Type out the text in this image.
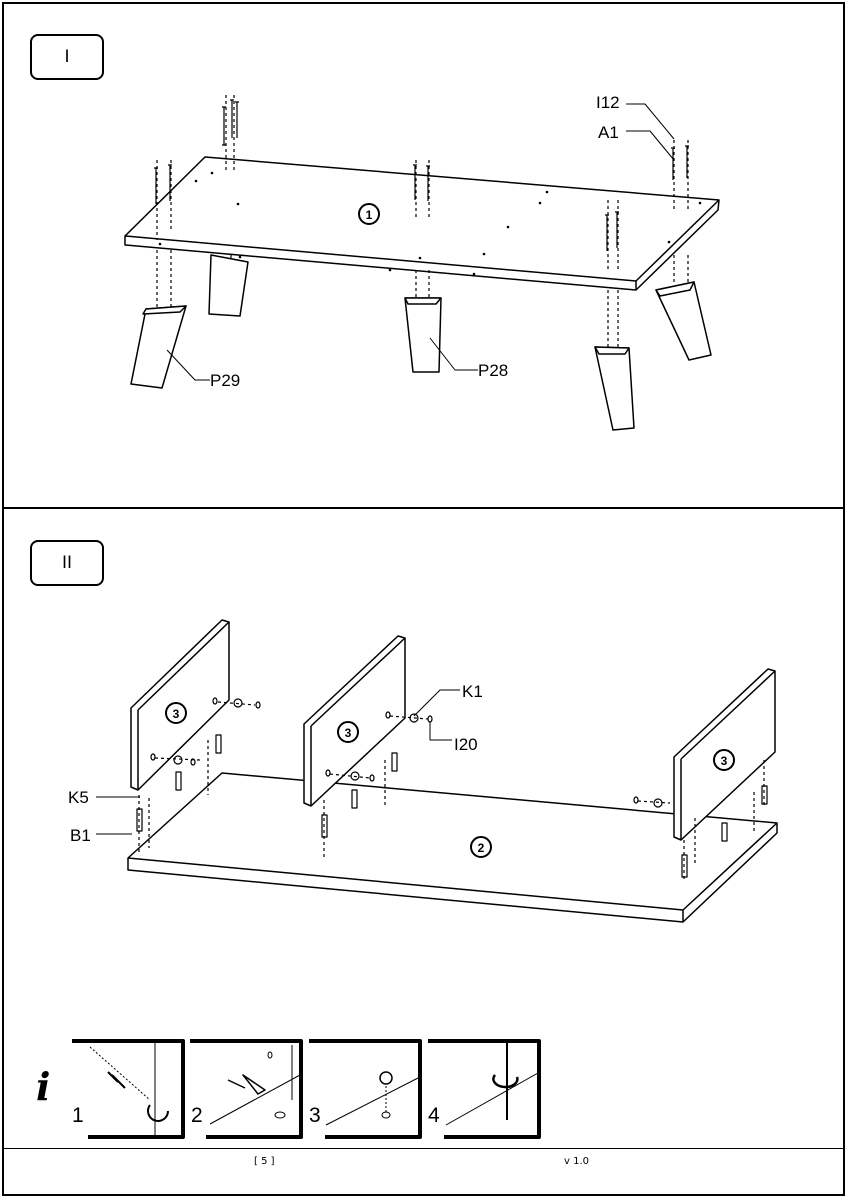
I
II
1
I12
A1
P29
P28
3
3
3
2
K1
I20
K5
B1
i
1	2	3	4
[ 5 ]	v 1.0
